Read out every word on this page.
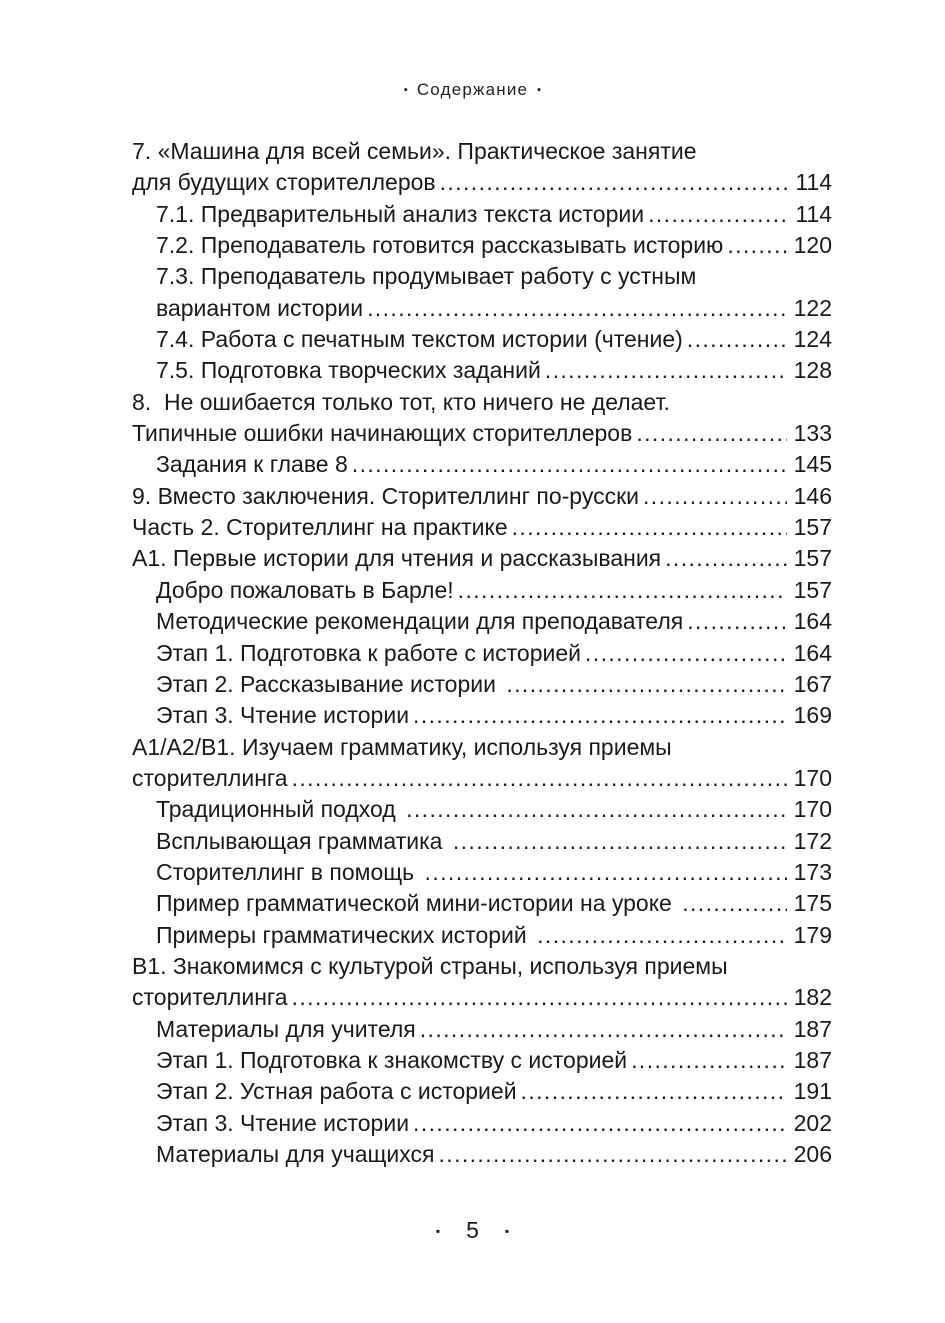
▪ Содержание ▪
7. «Машина для всей семьи». Практическое занятие
для будущих сторителлеров .....	114
7.1. Предварительный анализ текста истории .....	114
7.2. Преподаватель готовится рассказывать историю .....	120
7.3. Преподаватель продумывает работу с устным
вариантом истории .....	122
7.4. Работа с печатным текстом истории (чтение) .....	124
7.5. Подготовка творческих заданий .....	128
8.  Не ошибается только тот, кто ничего не делает.
Типичные ошибки начинающих сторителлеров .....	133
Задания к главе 8 .....	145
9. Вместо заключения. Сторителлинг по-русски .....	146
Часть 2. Сторителлинг на практике .....	157
A1. Первые истории для чтения и рассказывания .....	157
Добро пожаловать в Барле! .....	157
Методические рекомендации для преподавателя .....	164
Этап 1. Подготовка к работе с историей .....	164
Этап 2. Рассказывание истории .....	167
Этап 3. Чтение истории .....	169
A1/A2/B1. Изучаем грамматику, используя приемы
сторителлинга .....	170
Традиционный подход .....	170
Всплывающая грамматика .....	172
Сторителлинг в помощь .....	173
Пример грамматической мини-истории на уроке .....	175
Примеры грамматических историй .....	179
B1. Знакомимся с культурой страны, используя приемы
сторителлинга .....	182
Материалы для учителя .....	187
Этап 1. Подготовка к знакомству с историей .....	187
Этап 2. Устная работа с историей .....	191
Этап 3. Чтение истории .....	202
Материалы для учащихся .....	206
▪ 5 ▪
